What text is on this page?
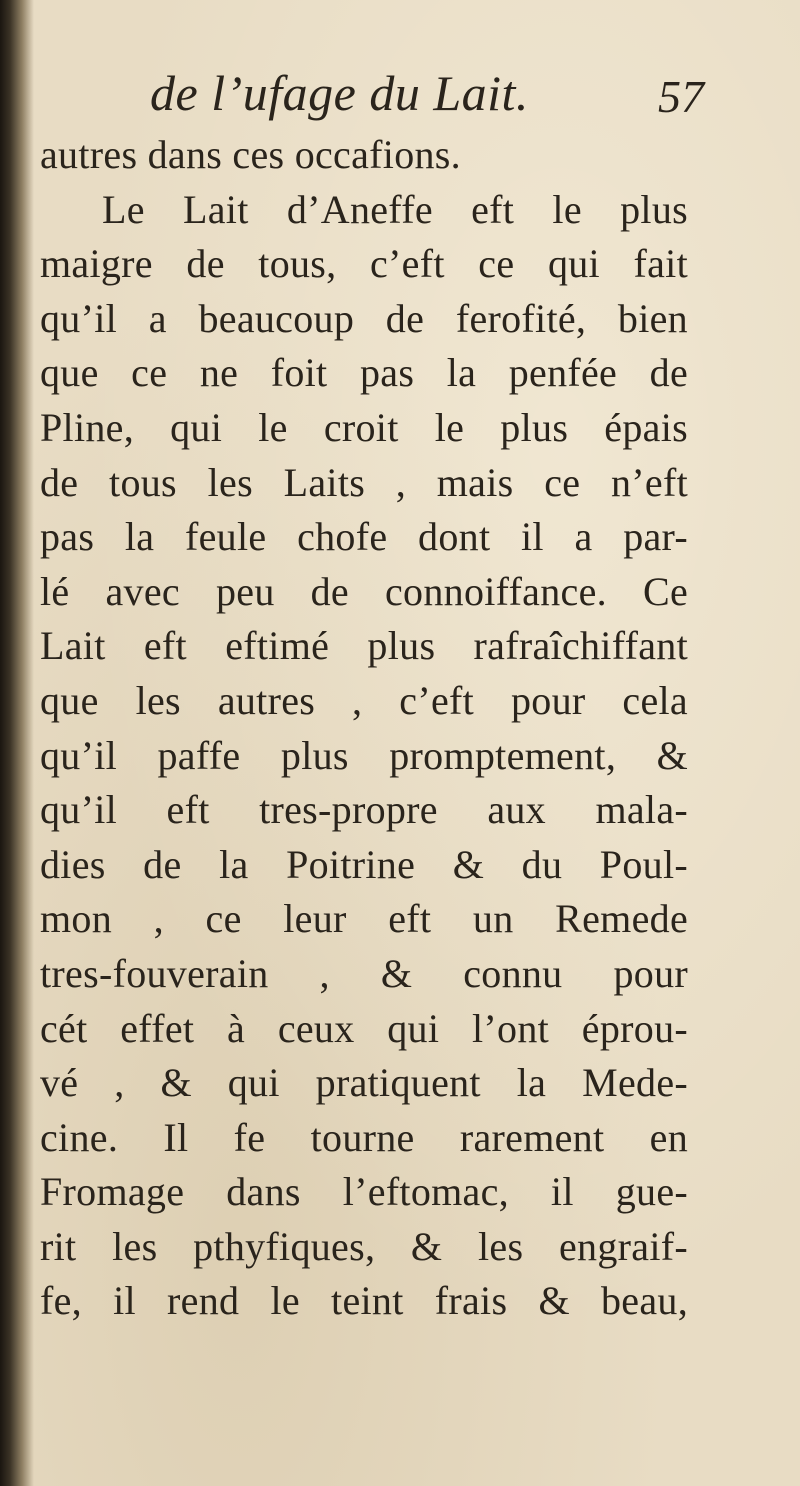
de l’ufage du Lait.	57
autres dans ces occafions.
Le Lait d’Aneffe eft le plus
maigre de tous, c’eft ce qui fait
qu’il a beaucoup de ferofité, bien
que ce ne foit pas la penfée de
Pline, qui le croit le plus épais
de tous les Laits , mais ce n’eft
pas la feule chofe dont il a par-
lé avec peu de connoiffance. Ce
Lait eft eftimé plus rafraîchiffant
que les autres , c’eft pour cela
qu’il paffe plus promptement, &
qu’il eft tres-propre aux mala-
dies de la Poitrine & du Poul-
mon , ce leur eft un Remede
tres-fouverain , & connu pour
cét effet à ceux qui l’ont éprou-
vé , & qui pratiquent la Mede-
cine. Il fe tourne rarement en
Fromage dans l’eftomac, il gue-
rit les pthyfiques, & les engraif-
fe, il rend le teint frais & beau,
